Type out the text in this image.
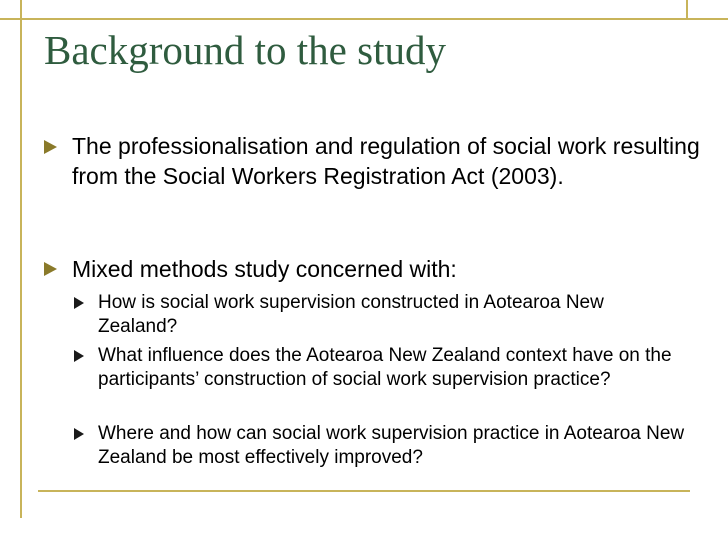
Background to the study

The professionalisation and regulation of social work resulting from the Social Workers Registration Act (2003).

Mixed methods study concerned with:

How is social work supervision constructed in Aotearoa New Zealand?

What influence does the Aotearoa New Zealand context have on the participants’ construction of social work supervision practice?

Where and how can social work supervision practice in Aotearoa New Zealand be most effectively improved?
